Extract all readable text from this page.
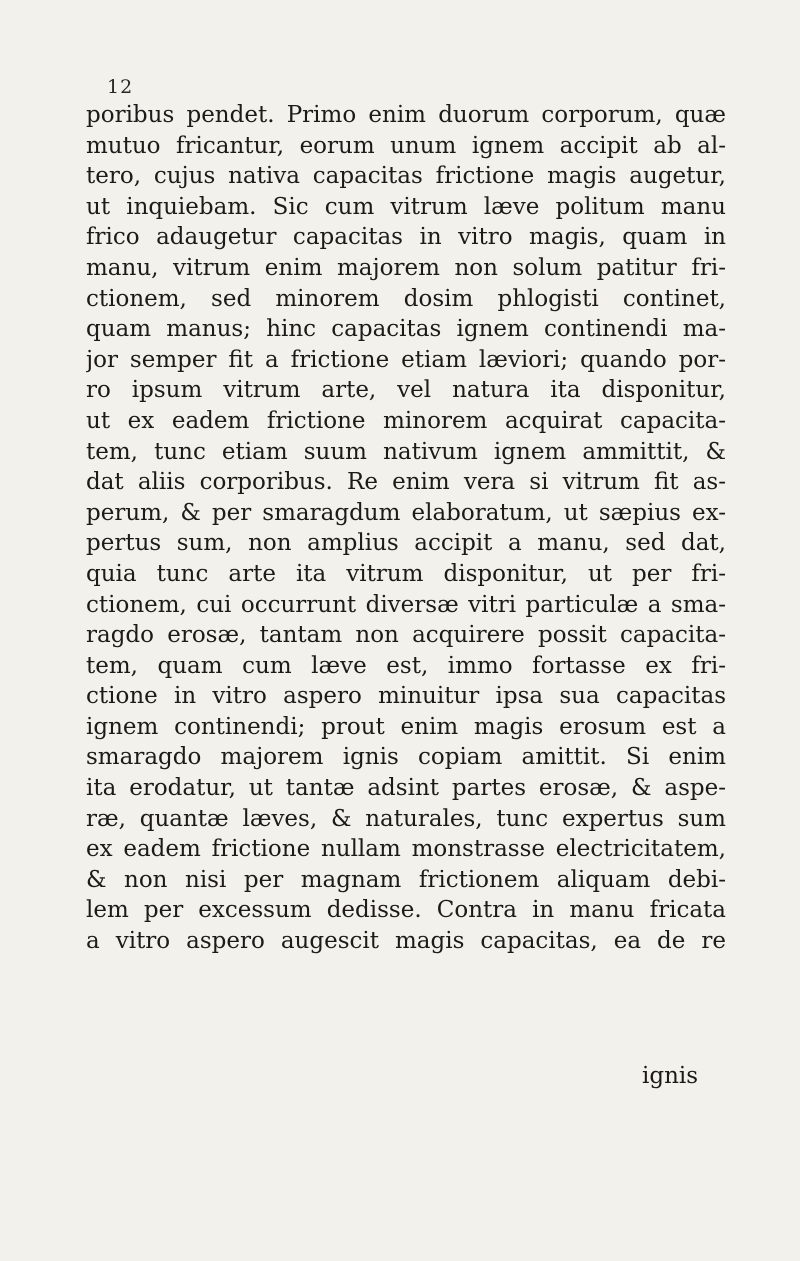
12
poribus pendet. Primo enim duorum corporum, quæ
mutuo fricantur, eorum unum ignem accipit ab al-
tero, cujus nativa capacitas frictione magis augetur,
ut inquiebam. Sic cum vitrum læve politum manu
frico adaugetur capacitas in vitro magis, quam in
manu, vitrum enim majorem non solum patitur fri-
ctionem, sed minorem dosim phlogisti continet,
quam manus; hinc capacitas ignem continendi ma-
jor semper fit a frictione etiam læviori; quando por-
ro ipsum vitrum arte, vel natura ita disponitur,
ut ex eadem frictione minorem acquirat capacita-
tem, tunc etiam suum nativum ignem ammittit, &
dat aliis corporibus. Re enim vera si vitrum fit as-
perum, & per smaragdum elaboratum, ut sæpius ex-
pertus sum, non amplius accipit a manu, sed dat,
quia tunc arte ita vitrum disponitur, ut per fri-
ctionem, cui occurrunt diversæ vitri particulæ a sma-
ragdo erosæ, tantam non acquirere possit capacita-
tem, quam cum læve est, immo fortasse ex fri-
ctione in vitro aspero minuitur ipsa sua capacitas
ignem continendi; prout enim magis erosum est a
smaragdo majorem ignis copiam amittit. Si enim
ita erodatur, ut tantæ adsint partes erosæ, & aspe-
ræ, quantæ læves, & naturales, tunc expertus sum
ex eadem frictione nullam monstrasse electricitatem,
& non nisi per magnam frictionem aliquam debi-
lem per excessum dedisse. Contra in manu fricata
a vitro aspero augescit magis capacitas, ea de re
ignis
